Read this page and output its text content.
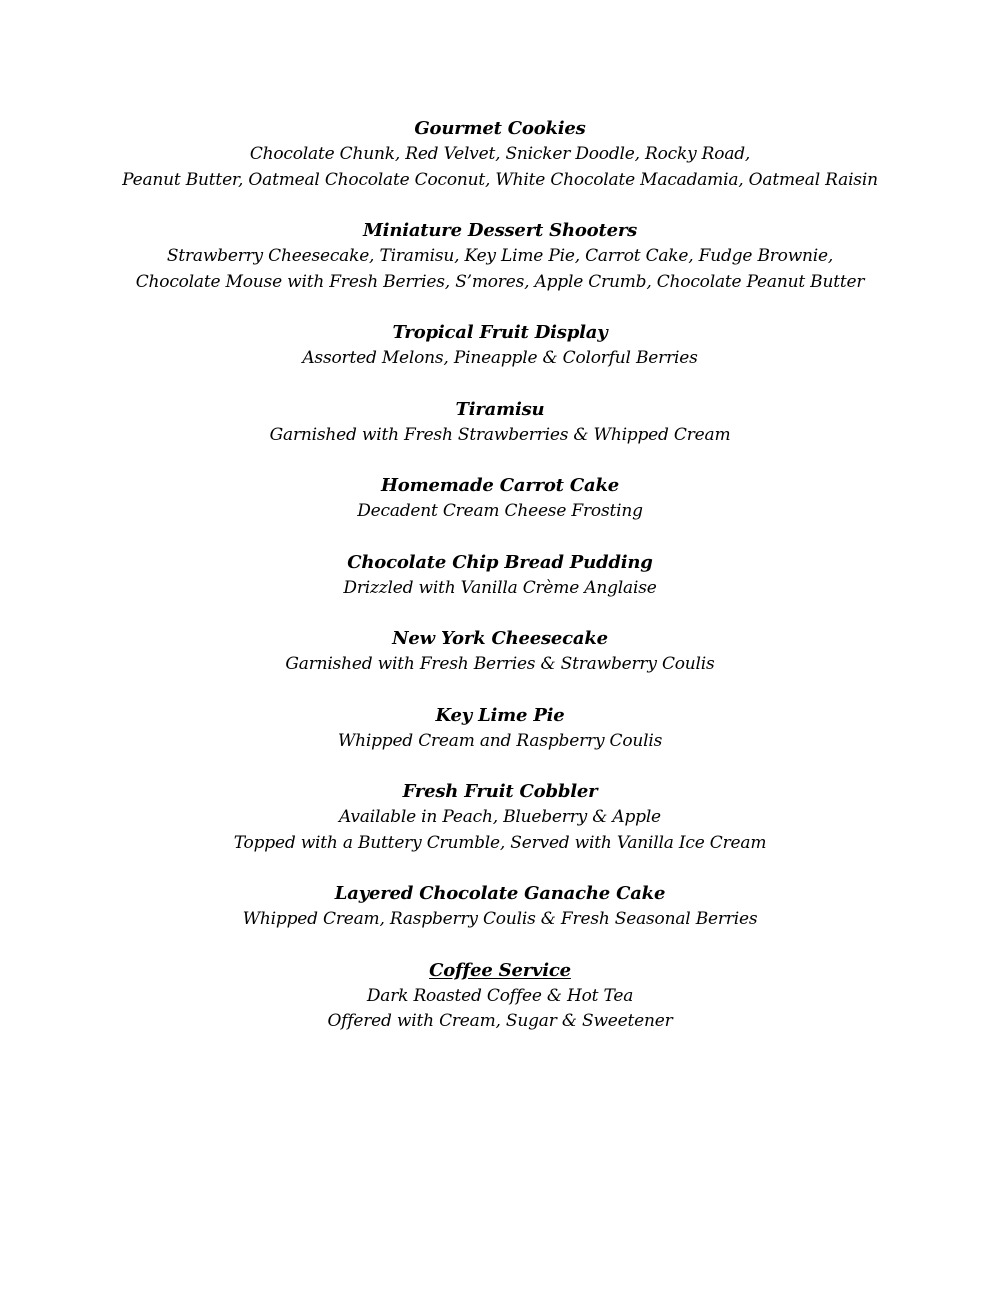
Gourmet Cookies
Chocolate Chunk, Red Velvet, Snicker Doodle, Rocky Road,
Peanut Butter, Oatmeal Chocolate Coconut, White Chocolate Macadamia, Oatmeal Raisin
Miniature Dessert Shooters
Strawberry Cheesecake, Tiramisu, Key Lime Pie, Carrot Cake, Fudge Brownie,
Chocolate Mouse with Fresh Berries, S’mores, Apple Crumb, Chocolate Peanut Butter
Tropical Fruit Display
Assorted Melons, Pineapple & Colorful Berries
Tiramisu
Garnished with Fresh Strawberries & Whipped Cream
Homemade Carrot Cake
Decadent Cream Cheese Frosting
Chocolate Chip Bread Pudding
Drizzled with Vanilla Crème Anglaise
New York Cheesecake
Garnished with Fresh Berries & Strawberry Coulis
Key Lime Pie
Whipped Cream and Raspberry Coulis
Fresh Fruit Cobbler
Available in Peach, Blueberry & Apple
Topped with a Buttery Crumble, Served with Vanilla Ice Cream
Layered Chocolate Ganache Cake
Whipped Cream, Raspberry Coulis & Fresh Seasonal Berries
Coffee Service
Dark Roasted Coffee & Hot Tea
Offered with Cream, Sugar & Sweetener
